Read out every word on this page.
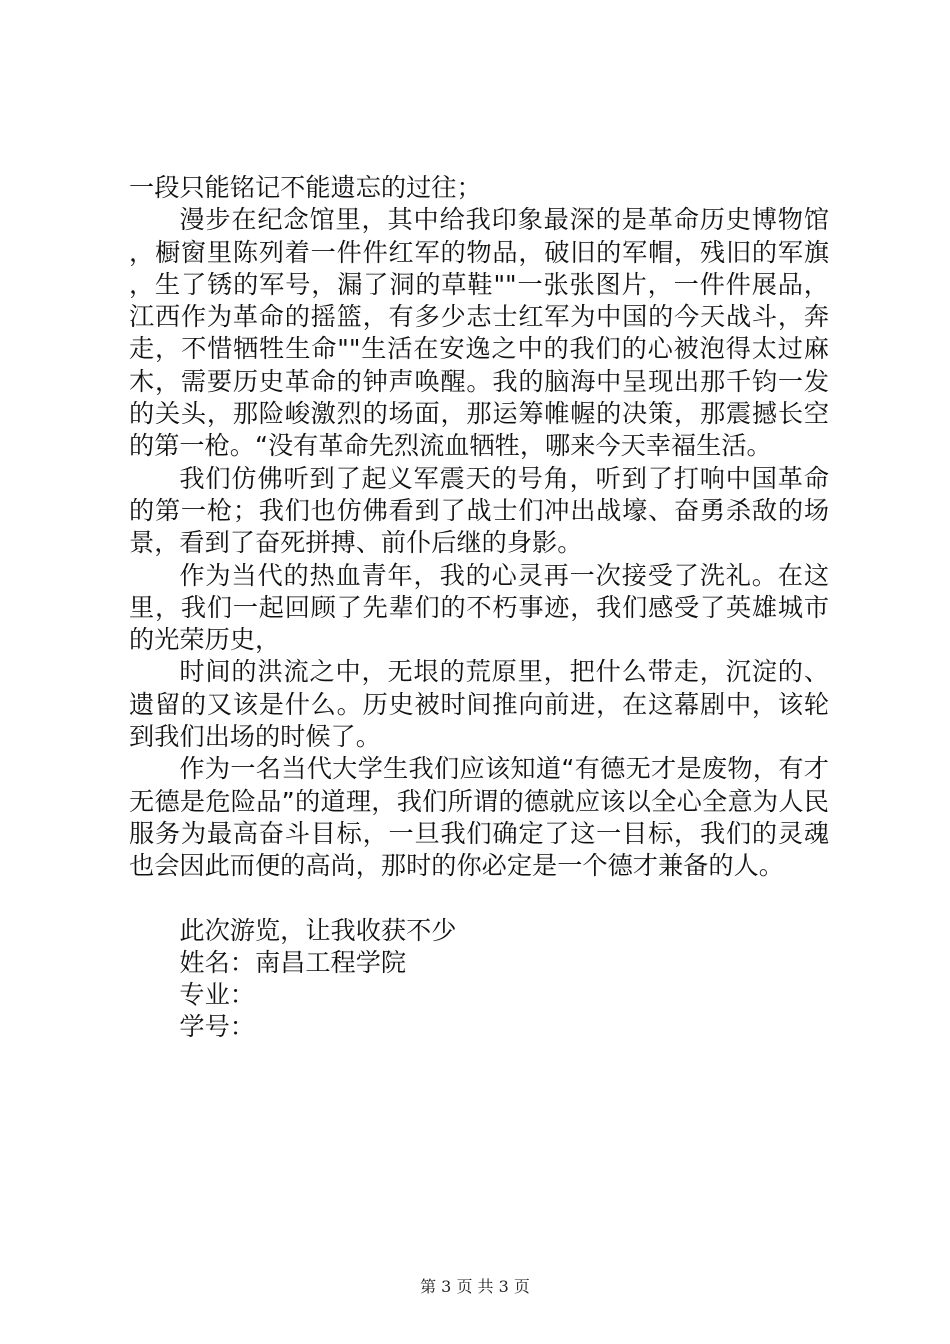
一段只能铭记不能遗忘的过往；

漫步在纪念馆里，其中给我印象最深的是革命历史博物馆，橱窗里陈列着一件件红军的物品，破旧的军帽，残旧的军旗，生了锈的军号，漏了洞的草鞋""一张张图片，一件件展品，江西作为革命的摇篮，有多少志士红军为中国的今天战斗，奔走，不惜牺牲生命""生活在安逸之中的我们的心被泡得太过麻木，需要历史革命的钟声唤醒。我的脑海中呈现出那千钧一发的关头，那险峻激烈的场面，那运筹帷幄的决策，那震撼长空的第一枪。“没有革命先烈流血牺牲，哪来今天幸福生活。

我们仿佛听到了起义军震天的号角，听到了打响中国革命的第一枪；我们也仿佛看到了战士们冲出战壕、奋勇杀敌的场景，看到了奋死拼搏、前仆后继的身影。

作为当代的热血青年，我的心灵再一次接受了洗礼。在这里，我们一起回顾了先辈们的不朽事迹，我们感受了英雄城市的光荣历史，

时间的洪流之中，无垠的荒原里，把什么带走，沉淀的、遗留的又该是什么。历史被时间推向前进，在这幕剧中，该轮到我们出场的时候了。

作为一名当代大学生我们应该知道“有德无才是废物，有才无德是危险品”的道理，我们所谓的德就应该以全心全意为人民服务为最高奋斗目标，一旦我们确定了这一目标，我们的灵魂也会因此而便的高尚，那时的你必定是一个德才兼备的人。

此次游览，让我收获不少

姓名：南昌工程学院

专业：

学号：

第 3 页 共 3 页
